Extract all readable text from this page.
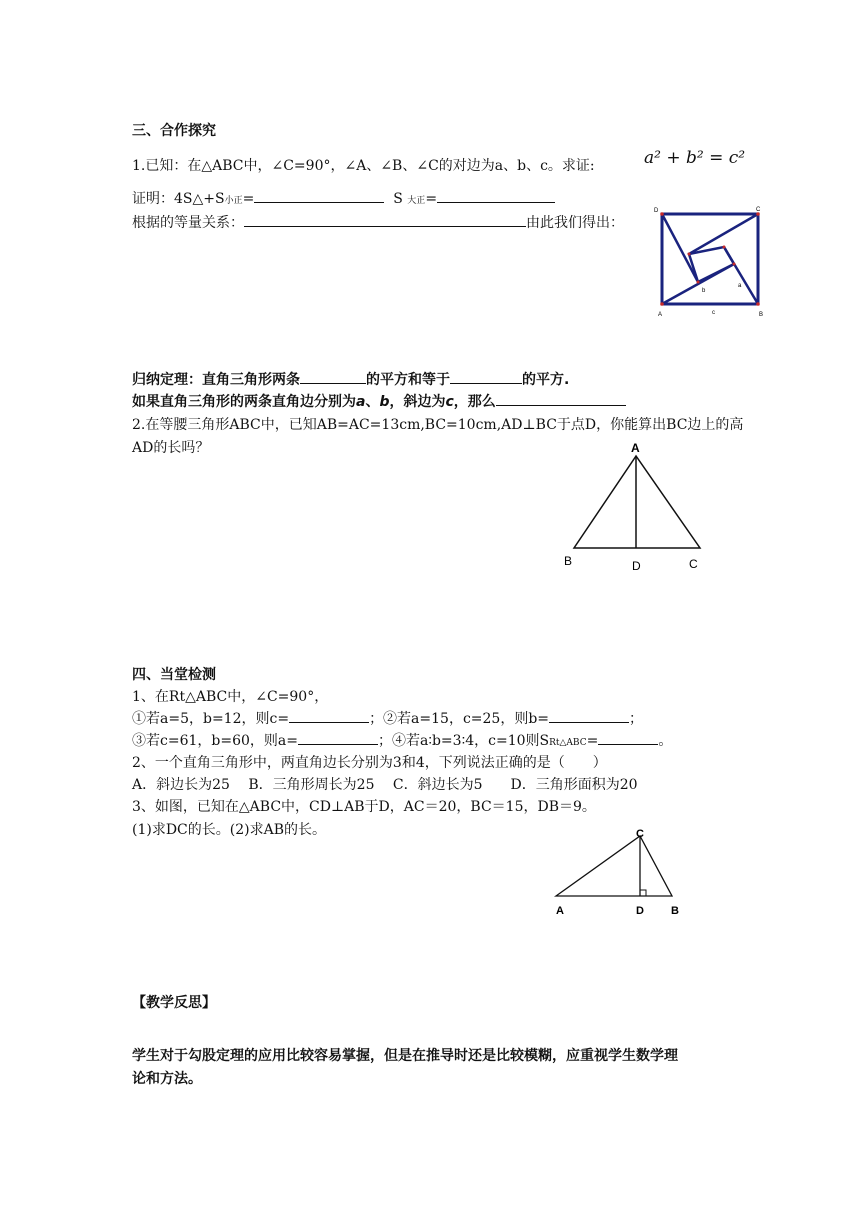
三、合作探究
1.已知：在△ABC中，∠C=90°，∠A、∠B、∠C的对边为a、b、c。求证:	a² + b² = c²
证明：4S△+S小正=	S 大正=
根据的等量关系：	由此我们得出：
D	C
A	B
a
b
c
归纳定理：直角三角形两条	的平方和等于	的平方.
如果直角三角形的两条直角边分别为a、b，斜边为c，那么
2.在等腰三角形ABC中，已知AB=AC=13cm,BC=10cm,AD⊥BC于点D，你能算出BC边上的高
AD的长吗？	A
B	D	C
四、当堂检测
1、在Rt△ABC中，∠C=90°，
①若a=5，b=12，则c=	；②若a=15，c=25，则b=	；
③若c=61，b=60，则a=	；④若a∶b=3∶4，c=10则SRt△ABC=	。
2、一个直角三角形中，两直角边长分别为3和4，下列说法正确的是（　　）
A．斜边长为25　 B．三角形周长为25　 C．斜边长为5　　D．三角形面积为20
3、如图，已知在△ABC中，CD⊥AB于D，AC＝20，BC＝15，DB＝9。
(1)求DC的长。(2)求AB的长。	C
A	D B
【教学反思】
学生对于勾股定理的应用比较容易掌握，但是在推导时还是比较模糊，应重视学生数学理
论和方法。
